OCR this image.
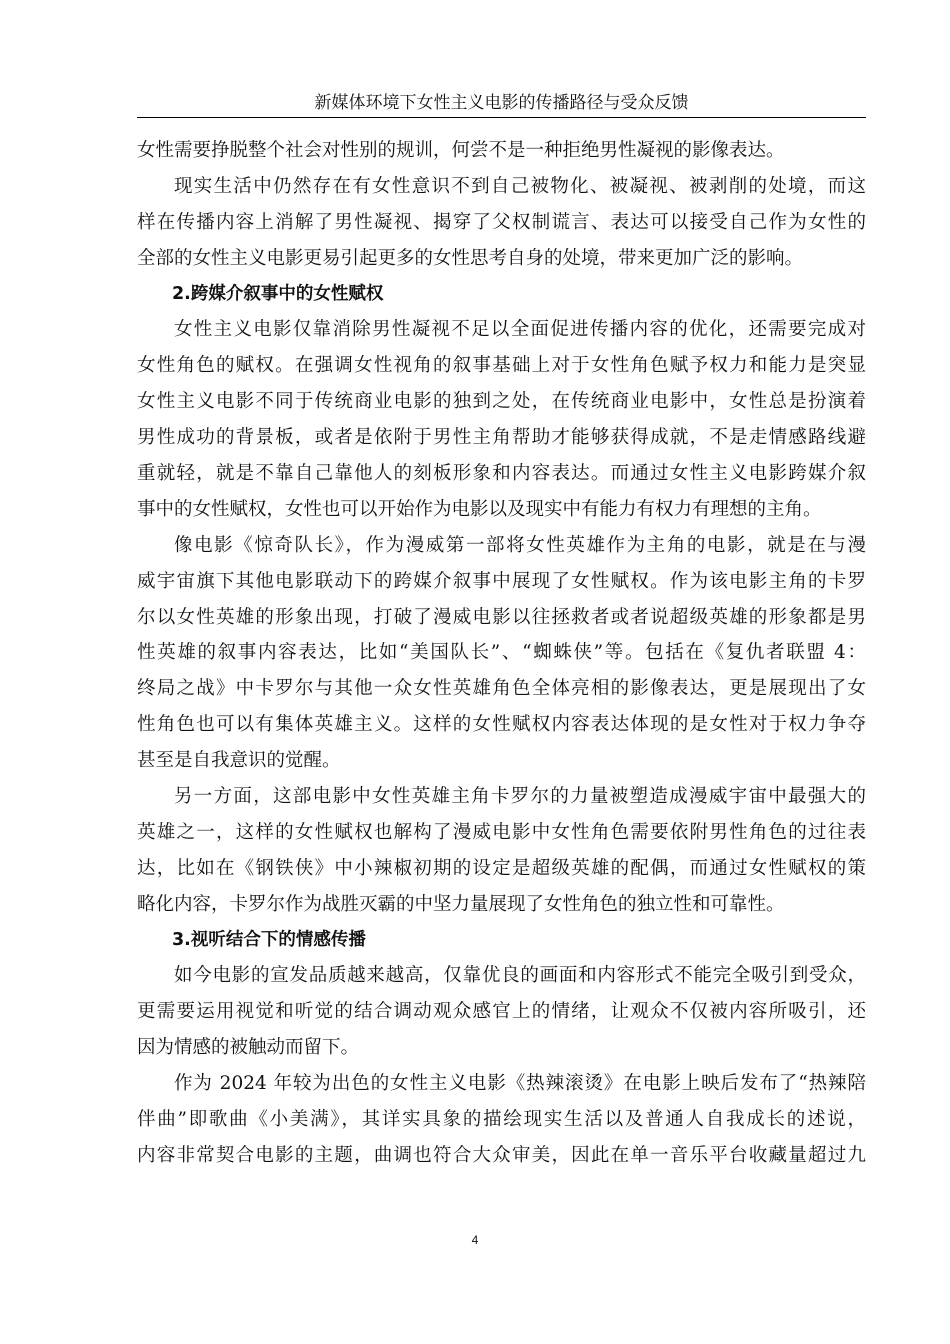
新媒体环境下女性主义电影的传播路径与受众反馈
女性需要挣脱整个社会对性别的规训，何尝不是一种拒绝男性凝视的影像表达。
现实生活中仍然存在有女性意识不到自己被物化、被凝视、被剥削的处境，而这
样在传播内容上消解了男性凝视、揭穿了父权制谎言、表达可以接受自己作为女性的
全部的女性主义电影更易引起更多的女性思考自身的处境，带来更加广泛的影响。
2.跨媒介叙事中的女性赋权
女性主义电影仅靠消除男性凝视不足以全面促进传播内容的优化，还需要完成对
女性角色的赋权。在强调女性视角的叙事基础上对于女性角色赋予权力和能力是突显
女性主义电影不同于传统商业电影的独到之处，在传统商业电影中，女性总是扮演着
男性成功的背景板，或者是依附于男性主角帮助才能够获得成就，不是走情感路线避
重就轻，就是不靠自己靠他人的刻板形象和内容表达。而通过女性主义电影跨媒介叙
事中的女性赋权，女性也可以开始作为电影以及现实中有能力有权力有理想的主角。
像电影《惊奇队长》，作为漫威第一部将女性英雄作为主角的电影，就是在与漫
威宇宙旗下其他电影联动下的跨媒介叙事中展现了女性赋权。作为该电影主角的卡罗
尔以女性英雄的形象出现，打破了漫威电影以往拯救者或者说超级英雄的形象都是男
性英雄的叙事内容表达，比如“美国队长”、“蜘蛛侠”等。包括在《复仇者联盟 4：
终局之战》中卡罗尔与其他一众女性英雄角色全体亮相的影像表达，更是展现出了女
性角色也可以有集体英雄主义。这样的女性赋权内容表达体现的是女性对于权力争夺
甚至是自我意识的觉醒。
另一方面，这部电影中女性英雄主角卡罗尔的力量被塑造成漫威宇宙中最强大的
英雄之一，这样的女性赋权也解构了漫威电影中女性角色需要依附男性角色的过往表
达，比如在《钢铁侠》中小辣椒初期的设定是超级英雄的配偶，而通过女性赋权的策
略化内容，卡罗尔作为战胜灭霸的中坚力量展现了女性角色的独立性和可靠性。
3.视听结合下的情感传播
如今电影的宣发品质越来越高，仅靠优良的画面和内容形式不能完全吸引到受众，
更需要运用视觉和听觉的结合调动观众感官上的情绪，让观众不仅被内容所吸引，还
因为情感的被触动而留下。
作为 2024 年较为出色的女性主义电影《热辣滚烫》在电影上映后发布了“热辣陪
伴曲”即歌曲《小美满》，其详实具象的描绘现实生活以及普通人自我成长的述说，
内容非常契合电影的主题，曲调也符合大众审美，因此在单一音乐平台收藏量超过九
4
